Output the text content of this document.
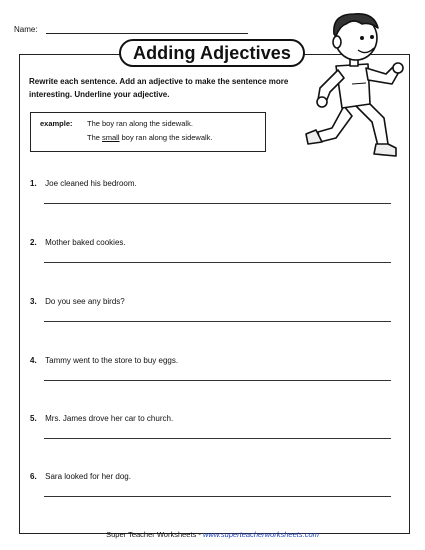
Name:
Adding Adjectives
Rewrite each sentence. Add an adjective to make the sentence more interesting. Underline your adjective.
example: The boy ran along the sidewalk.
The small boy ran along the sidewalk.
1. Joe cleaned his bedroom.
2. Mother baked cookies.
3. Do you see any birds?
4. Tammy went to the store to buy eggs.
5. Mrs. James drove her car to church.
6. Sara looked for her dog.
Super Teacher Worksheets - www.superteacherworksheets.com
